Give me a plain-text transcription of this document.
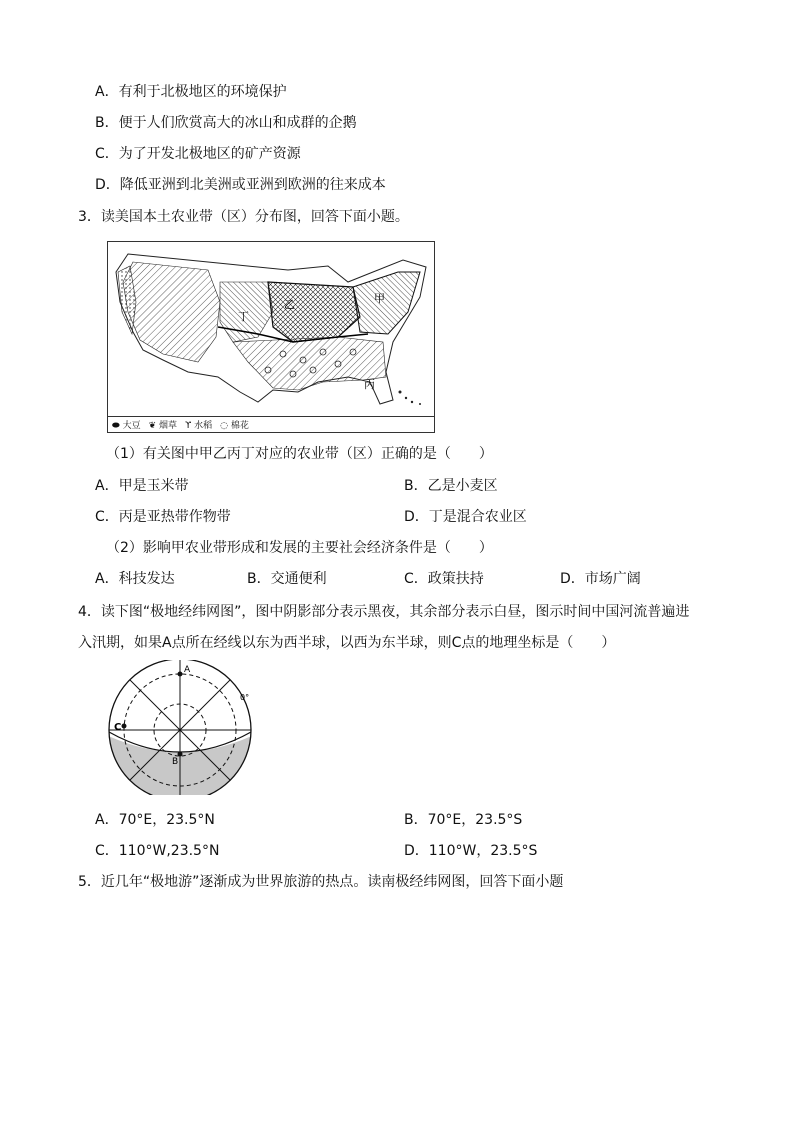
A．有利于北极地区的环境保护
B．便于人们欣赏高大的冰山和成群的企鹅
C．为了开发北极地区的矿产资源
D．降低亚洲到北美洲或亚洲到欧洲的往来成本
3．读美国本土农业带（区）分布图，回答下面小题。
甲
乙
丙
丁
⬬ 大豆 ❦ 烟草 ϒ 水稻 ◌ 棉花
（1）有关图中甲乙丙丁对应的农业带（区）正确的是（　　）
A．甲是玉米带	B．乙是小麦区
C．丙是亚热带作物带	D．丁是混合农业区
（2）影响甲农业带形成和发展的主要社会经济条件是（　　）
A．科技发达	B．交通便利	C．政策扶持	D．市场广阔
4．读下图“极地经纬网图”，图中阴影部分表示黑夜，其余部分表示白昼，图示时间中国河流普遍进
入汛期，如果A点所在经线以东为西半球，以西为东半球，则C点的地理坐标是（　　）
A
B
C
0°
A．70°E，23.5°N	B．70°E，23.5°S
C．110°W,23.5°N	D．110°W，23.5°S
5．近几年“极地游”逐渐成为世界旅游的热点。读南极经纬网图，回答下面小题
